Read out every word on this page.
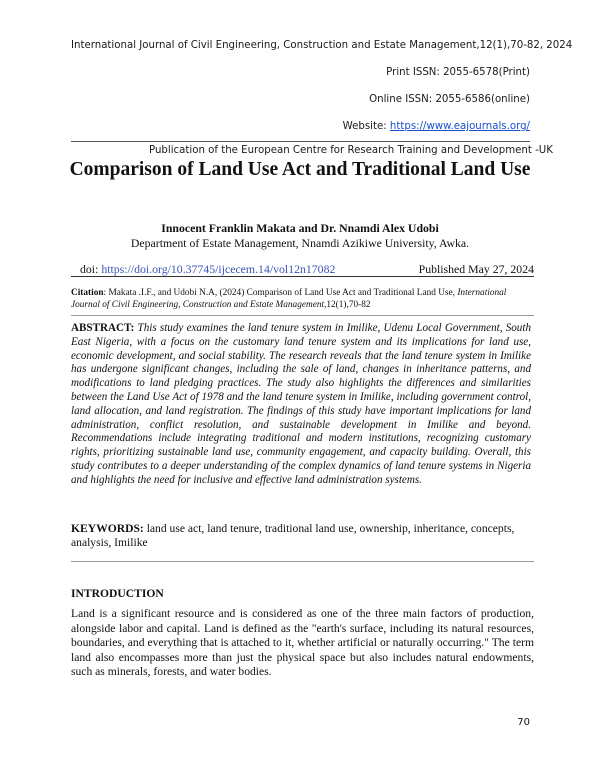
International Journal of Civil Engineering, Construction and Estate Management,12(1),70-82, 2024
Print ISSN: 2055-6578(Print)
Online ISSN: 2055-6586(online)
Website: https://www.eajournals.org/
Publication of the European Centre for Research Training and Development -UK
Comparison of Land Use Act and Traditional Land Use
Innocent Franklin Makata and Dr. Nnamdi Alex Udobi
Department of Estate Management, Nnamdi Azikiwe University, Awka.
doi: https://doi.org/10.37745/ijcecem.14/vol12n17082	Published May 27, 2024
Citation: Makata .I.F., and Udobi N.A, (2024) Comparison of Land Use Act and Traditional Land Use, International Journal of Civil Engineering, Construction and Estate Management,12(1),70-82
ABSTRACT: This study examines the land tenure system in Imilike, Udenu Local Government, South East Nigeria, with a focus on the customary land tenure system and its implications for land use, economic development, and social stability. The research reveals that the land tenure system in Imilike has undergone significant changes, including the sale of land, changes in inheritance patterns, and modifications to land pledging practices. The study also highlights the differences and similarities between the Land Use Act of 1978 and the land tenure system in Imilike, including government control, land allocation, and land registration. The findings of this study have important implications for land administration, conflict resolution, and sustainable development in Imilike and beyond. Recommendations include integrating traditional and modern institutions, recognizing customary rights, prioritizing sustainable land use, community engagement, and capacity building. Overall, this study contributes to a deeper understanding of the complex dynamics of land tenure systems in Nigeria and highlights the need for inclusive and effective land administration systems.
KEYWORDS: land use act, land tenure, traditional land use, ownership, inheritance, concepts, analysis, Imilike
INTRODUCTION
Land is a significant resource and is considered as one of the three main factors of production, alongside labor and capital. Land is defined as the "earth's surface, including its natural resources, boundaries, and everything that is attached to it, whether artificial or naturally occurring." The term land also encompasses more than just the physical space but also includes natural endowments, such as minerals, forests, and water bodies.
70
